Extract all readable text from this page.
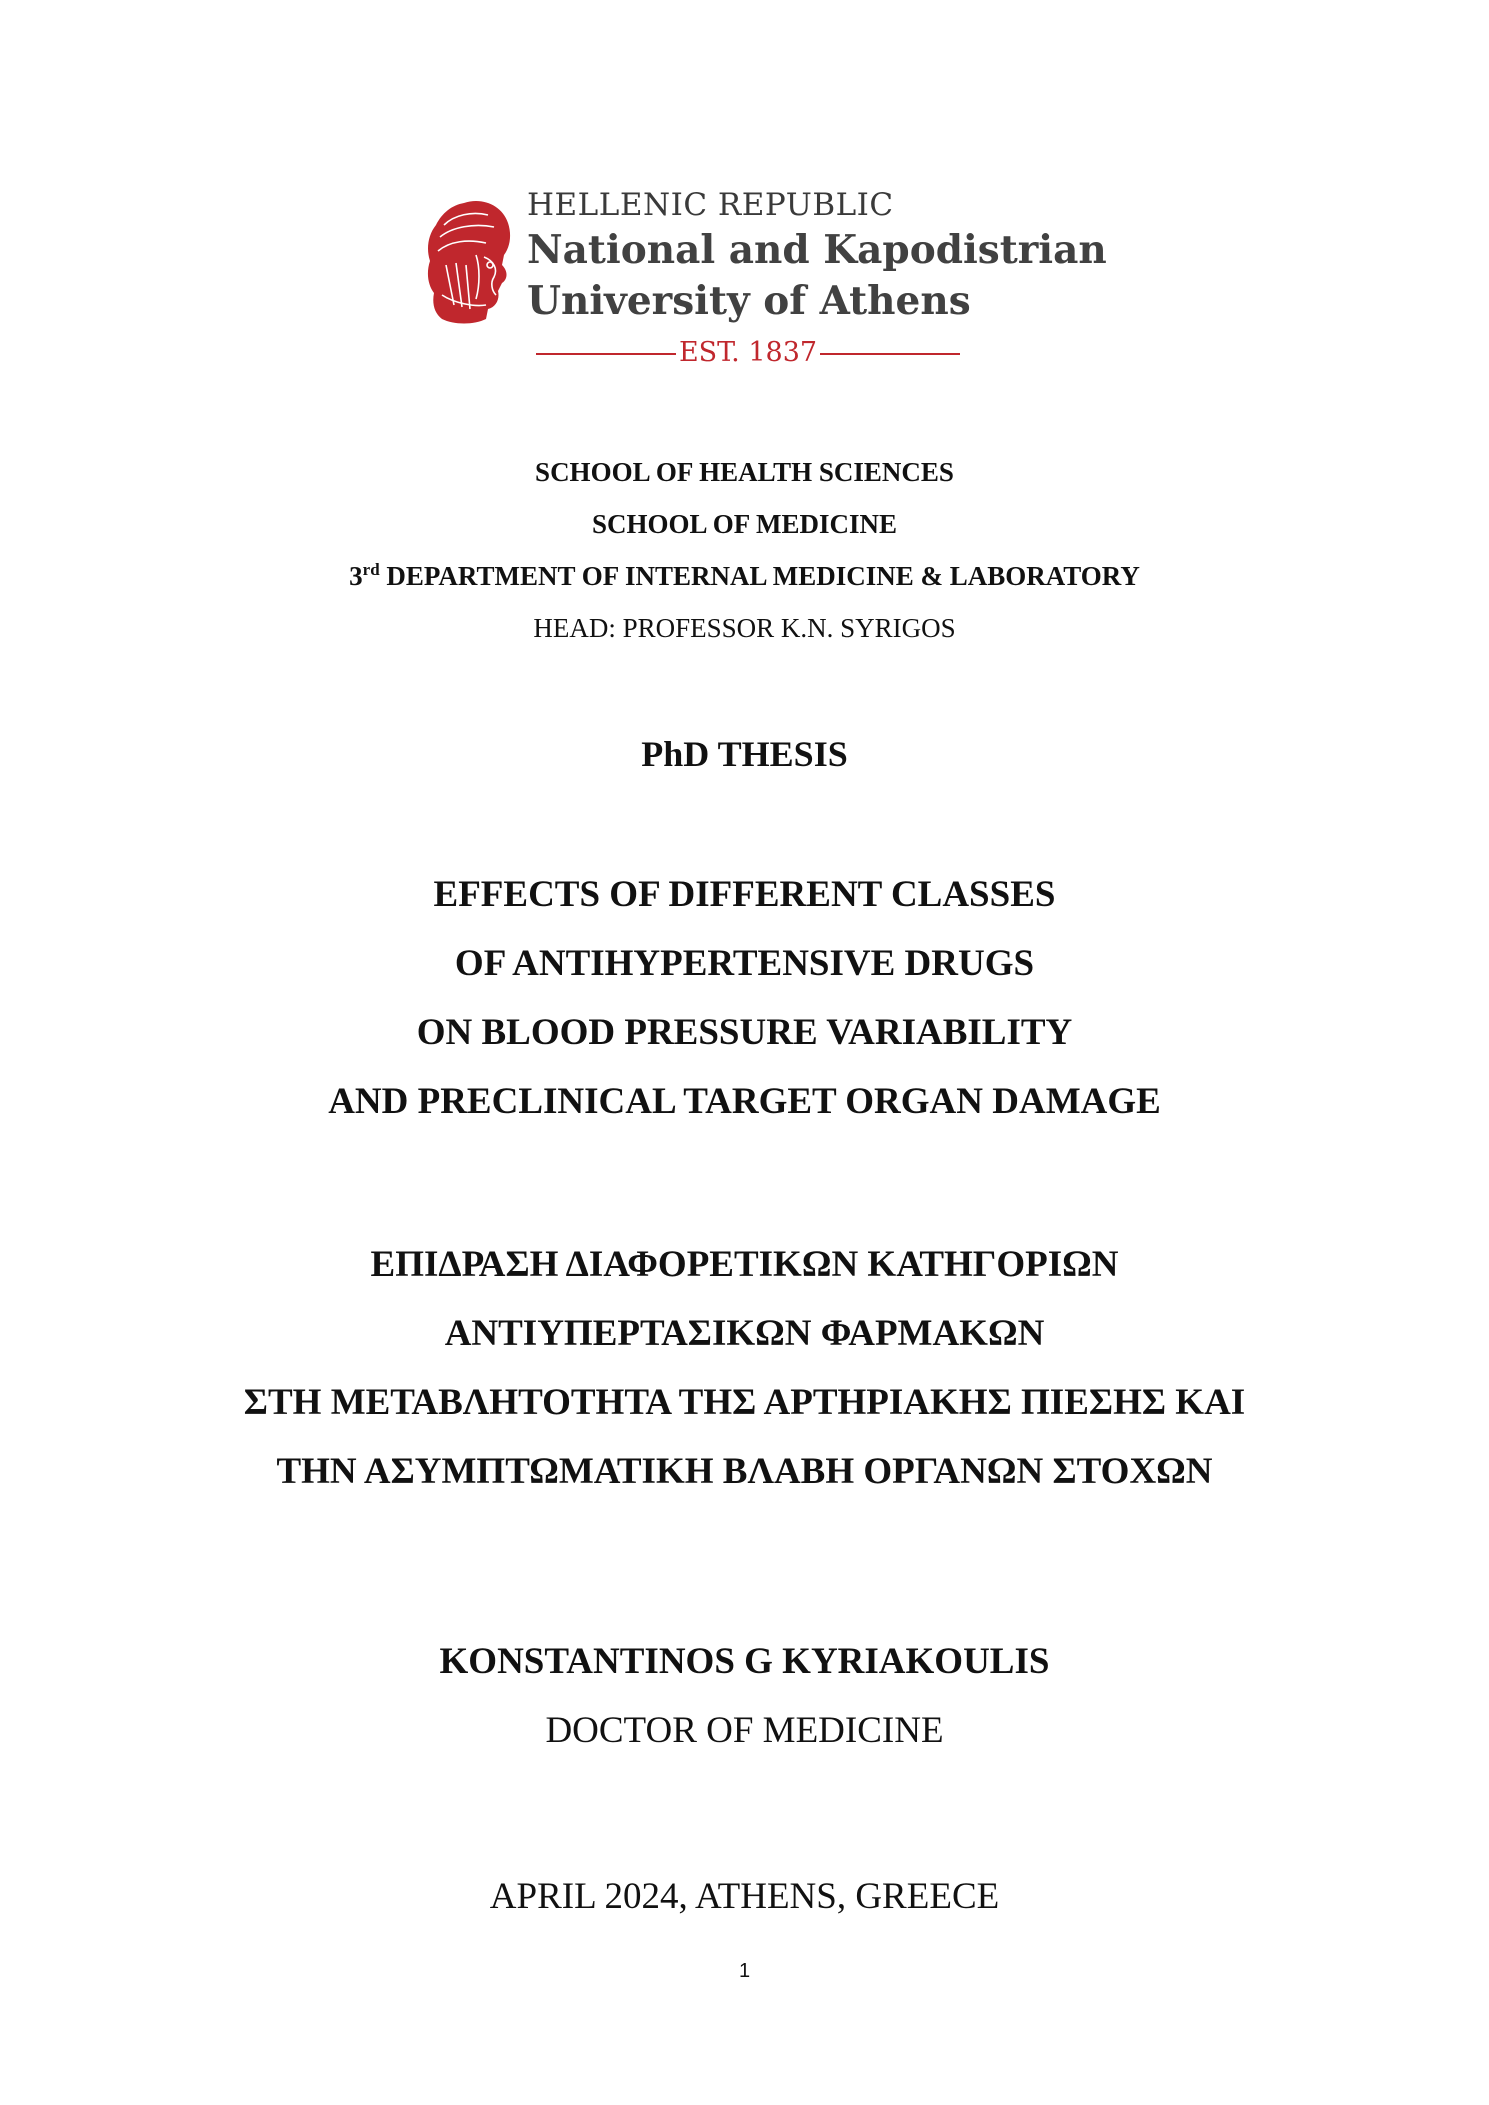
HELLENIC REPUBLIC
National and Kapodistrian
University of Athens
EST. 1837
SCHOOL OF HEALTH SCIENCES
SCHOOL OF MEDICINE
3rd DEPARTMENT OF INTERNAL MEDICINE & LABORATORY
HEAD: PROFESSOR K.N. SYRIGOS
PhD THESIS
EFFECTS OF DIFFERENT CLASSES
OF ANTIHYPERTENSIVE DRUGS
ON BLOOD PRESSURE VARIABILITY
AND PRECLINICAL TARGET ORGAN DAMAGE
ΕΠΙΔΡΑΣΗ ΔΙΑΦΟΡΕΤΙΚΩΝ ΚΑΤΗΓΟΡΙΩΝ
ΑΝΤΙΥΠΕΡΤΑΣΙΚΩΝ ΦΑΡΜΑΚΩΝ
ΣΤΗ ΜΕΤΑΒΛΗΤΟΤΗΤΑ ΤΗΣ ΑΡΤΗΡΙΑΚΗΣ ΠΙΕΣΗΣ ΚΑΙ
ΤΗΝ ΑΣΥΜΠΤΩΜΑΤΙΚΗ ΒΛΑΒΗ ΟΡΓΑΝΩΝ ΣΤΟΧΩΝ
KONSTANTINOS G KYRIAKOULIS
DOCTOR OF MEDICINE
APRIL 2024, ATHENS, GREECE
1
